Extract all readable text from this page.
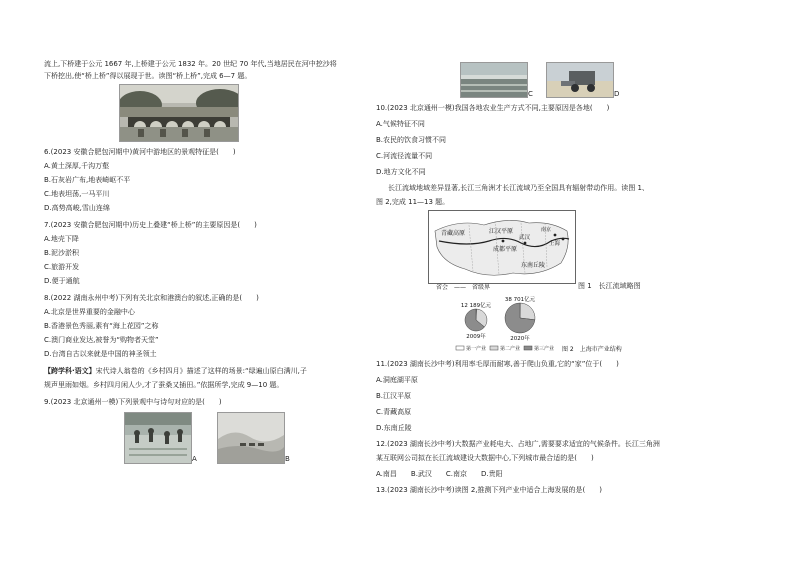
流上,下桥建于公元 1667 年,上桥建于公元 1832 年。20 世纪 70 年代,当地居民在河中挖沙将
下桥挖出,使“桥上桥”得以展现于世。读图“桥上桥”,完成 6—7 题。
6.(2023 安徽合肥包河期中)黄河中游地区的景观特征是(　　)
A.黄土深厚,千沟万壑
B.石灰岩广布,地表崎岖不平
C.地表坦荡,一马平川
D.高势高峻,雪山连绵
7.(2023 安徽合肥包河期中)历史上叠建“桥上桥”的主要原因是(　　)
A.地壳下降
B.泥沙淤积
C.旅游开发
D.便于通航
8.(2022 湖南永州中考)下列有关北京和港澳台的叙述,正确的是(　　)
A.北京是世界重要的金融中心
B.香港景色秀丽,素有“海上花园”之称
C.澳门商业发达,被誉为“购物者天堂”
D.台湾自古以来就是中国的神圣领土
【跨学科·语文】宋代诗人翁卷的《乡村四月》描述了这样的场景:“绿遍山原白满川,子
规声里雨如烟。乡村四月闲人少,才了蚕桑又插田。”依据所学,完成 9—10 题。
9.(2023 北京通州一模)下列景观中与诗句对应的是(　　)
A	B
C	D
10.(2023 北京通州一模)我国各地农业生产方式不同,主要原因是各地(　　)
A.气候特征不同
B.农民的饮食习惯不同
C.河流径流量不同
D.地方文化不同
长江流域地域差异显著,长江三角洲才长江流域乃至全国具有辐射带动作用。读图 1、
图 2,完成 11—13 题。
青藏高原	江汉平原
武汉
成都平原
东南丘陵
上海
南京
省会　——　省级界	图 1　长江流域略图
12 189亿元
2009年
38 701亿元
2020年
第一产业	第二产业	第三产业 图 2　上海市产业结构
11.(2023 湖南长沙中考)利用率毛厚而耐寒,善于爬山负重,它的“家”位于(　　)
A.洞庭湖平原
B.江汉平原
C.青藏高原
D.东南丘陵
12.(2023 湖南长沙中考)大数据产业耗电大、占地广,需要要求适宜的气候条件。长江三角洲
某互联网公司拟在长江流域建设大数据中心,下列城市最合适的是(　　)
A.南昌　　B.武汉　　C.南京　　D.贵阳
13.(2023 湖南长沙中考)读图 2,推测下列产业中适合上海发展的是(　　)
